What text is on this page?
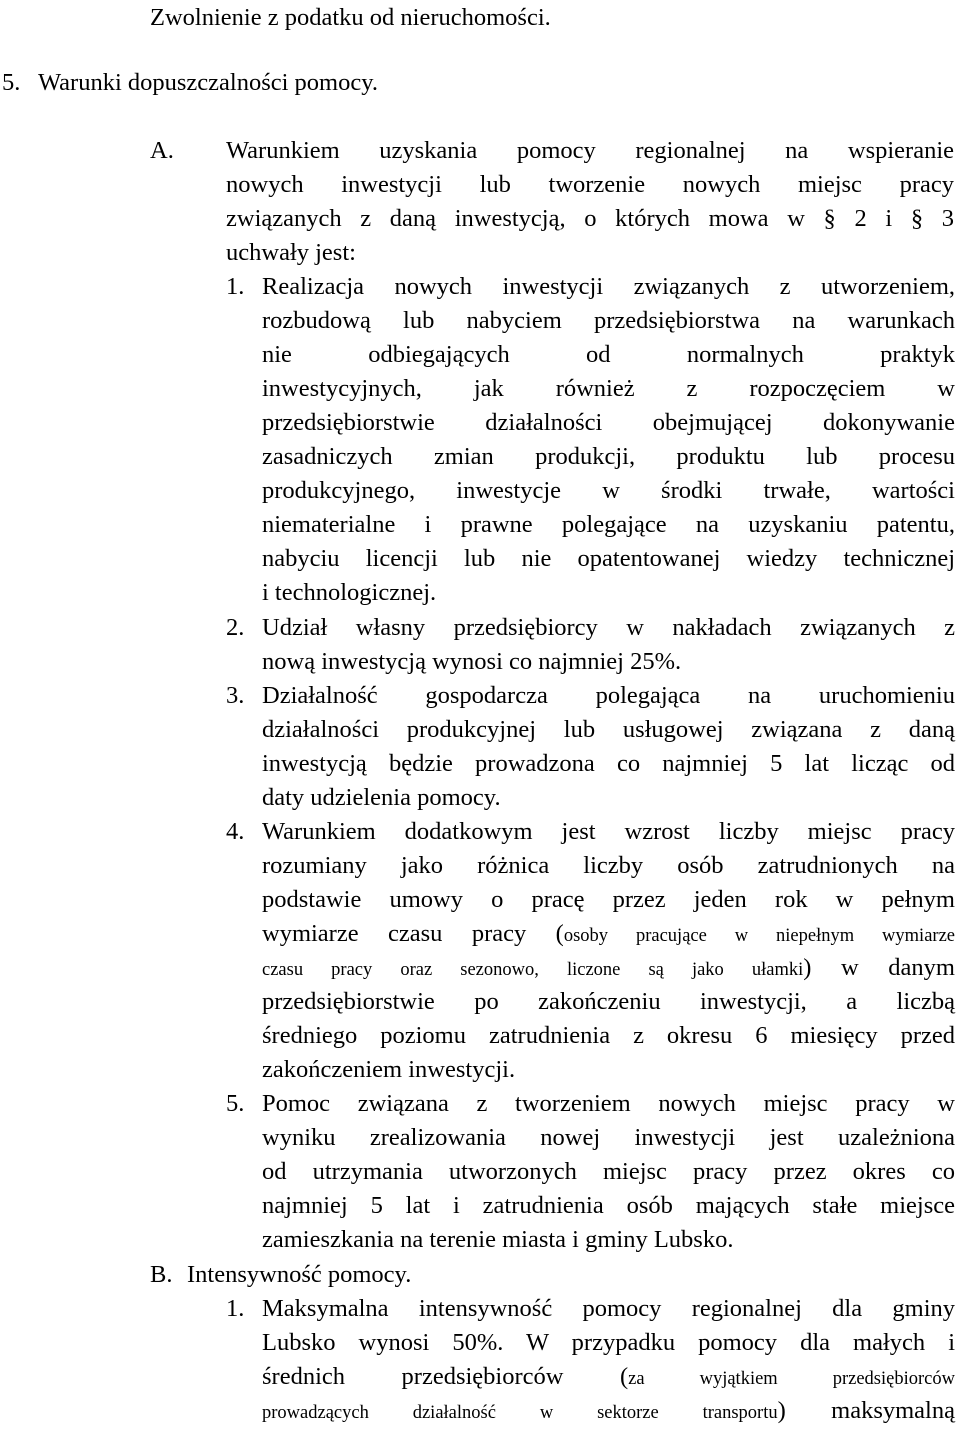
Zwolnienie z podatku od nieruchomości.
5. Warunki dopuszczalności pomocy.
A. Warunkiem uzyskania pomocy regionalnej na wspieranie
nowych inwestycji lub tworzenie nowych miejsc pracy
związanych z daną inwestycją, o których mowa w § 2 i § 3
uchwały jest:
1. Realizacja nowych inwestycji związanych z utworzeniem,
rozbudową lub nabyciem przedsiębiorstwa na warunkach
nie odbiegających od normalnych praktyk
inwestycyjnych, jak również z rozpoczęciem w
przedsiębiorstwie działalności obejmującej dokonywanie
zasadniczych zmian produkcji, produktu lub procesu
produkcyjnego, inwestycje w środki trwałe, wartości
niematerialne i prawne polegające na uzyskaniu patentu,
nabyciu licencji lub nie opatentowanej wiedzy technicznej
i technologicznej.
2. Udział własny przedsiębiorcy w nakładach związanych z
nową inwestycją wynosi co najmniej 25%.
3. Działalność gospodarcza polegająca na uruchomieniu
działalności produkcyjnej lub usługowej związana z daną
inwestycją będzie prowadzona co najmniej 5 lat licząc od
daty udzielenia pomocy.
4. Warunkiem dodatkowym jest wzrost liczby miejsc pracy
rozumiany jako różnica liczby osób zatrudnionych na
podstawie umowy o pracę przez jeden rok w pełnym
wymiarze czasu pracy (osoby pracujące w niepełnym wymiarze
czasu pracy oraz sezonowo, liczone są jako ułamki) w danym
przedsiębiorstwie po zakończeniu inwestycji, a liczbą
średniego poziomu zatrudnienia z okresu 6 miesięcy przed
zakończeniem inwestycji.
5. Pomoc związana z tworzeniem nowych miejsc pracy w
wyniku zrealizowania nowej inwestycji jest uzależniona
od utrzymania utworzonych miejsc pracy przez okres co
najmniej 5 lat i zatrudnienia osób mających stałe miejsce
zamieszkania na terenie miasta i gminy Lubsko.
B. Intensywność pomocy.
1. Maksymalna intensywność pomocy regionalnej dla gminy
Lubsko wynosi 50%. W przypadku pomocy dla małych i
średnich przedsiębiorców (za wyjątkiem przedsiębiorców
prowadzących działalność w sektorze transportu) maksymalną
